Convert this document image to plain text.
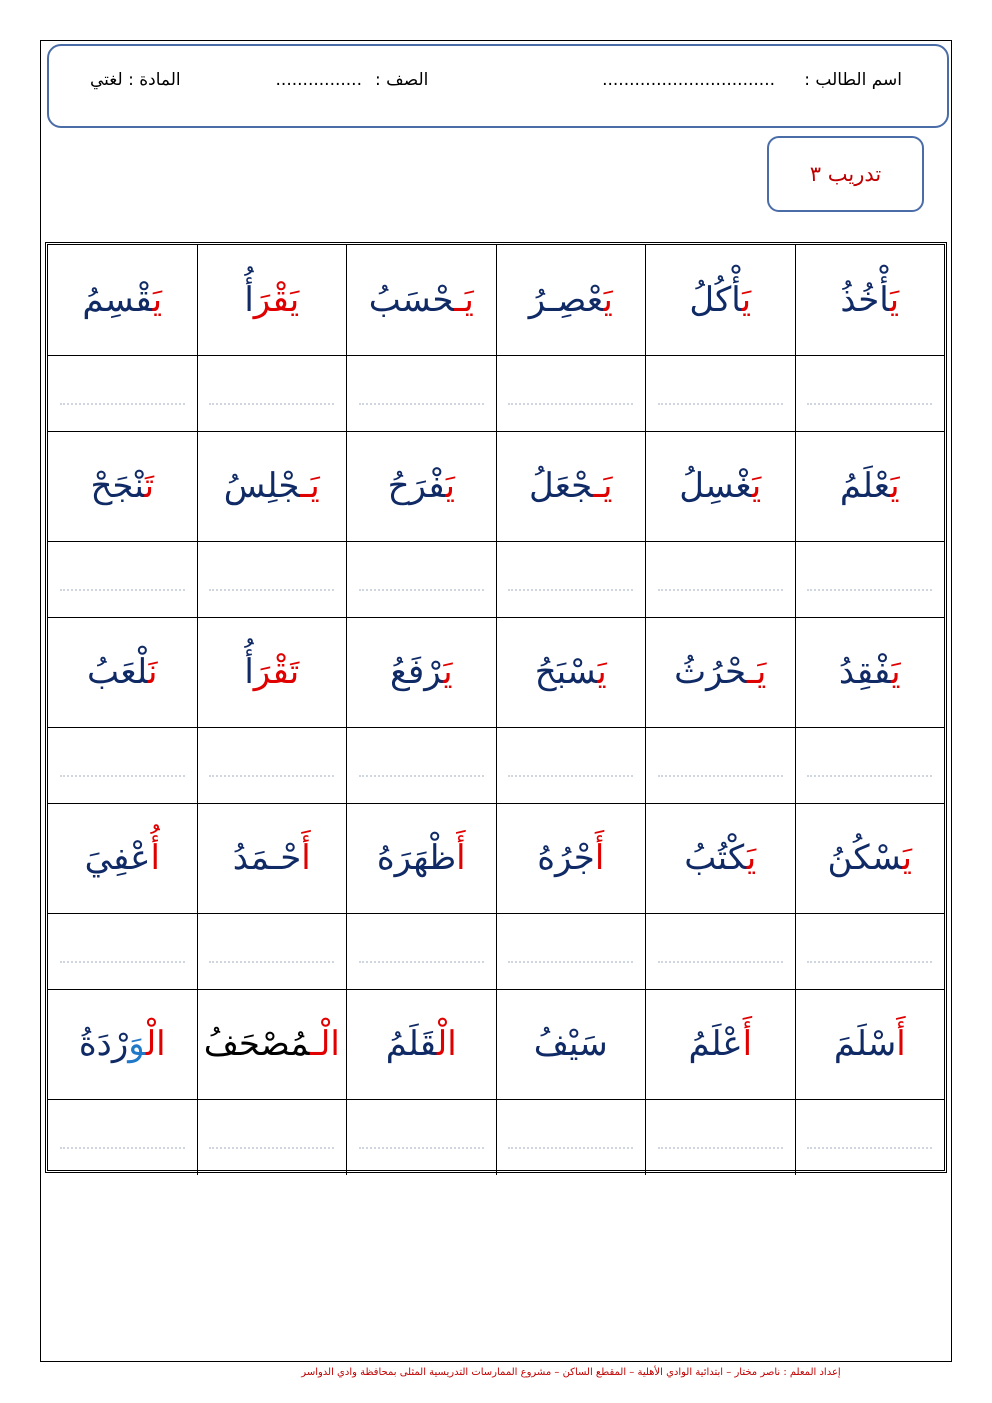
اسم الطالب :
................................
الصف :
................
المادة : لغتي
تدريب ٣
يَأْخُذُ
يَأْكُلُ
يَعْصِـرُ
يَـحْسَبُ
يَقْرَأُ
يَقْسِمُ
يَعْلَمُ
يَغْسِلُ
يَـجْعَلُ
يَفْرَحُ
يَـجْلِسُ
تَنْجَحْ
يَفْقِدُ
يَـحْرُثُ
يَسْبَحُ
يَرْفَعُ
تَقْرَأُ
نَلْعَبُ
يَسْكُنُ
يَكْتُبُ
أَجْرُهُ
أَظْهَرَهُ
أَحْـمَدُ
أُعْفِيَ
أَسْلَمَ
أَعْلَمُ
سَيْفُ
الْقَلَمُ
الْـمُصْحَفُ
الْوَرْدَةُ
إعداد المعلم : ناصر مختار – ابتدائية الوادي الأهلية – المقطع الساكن – مشروع الممارسات التدريسية المثلى بمحافظة وادي الدواسر
